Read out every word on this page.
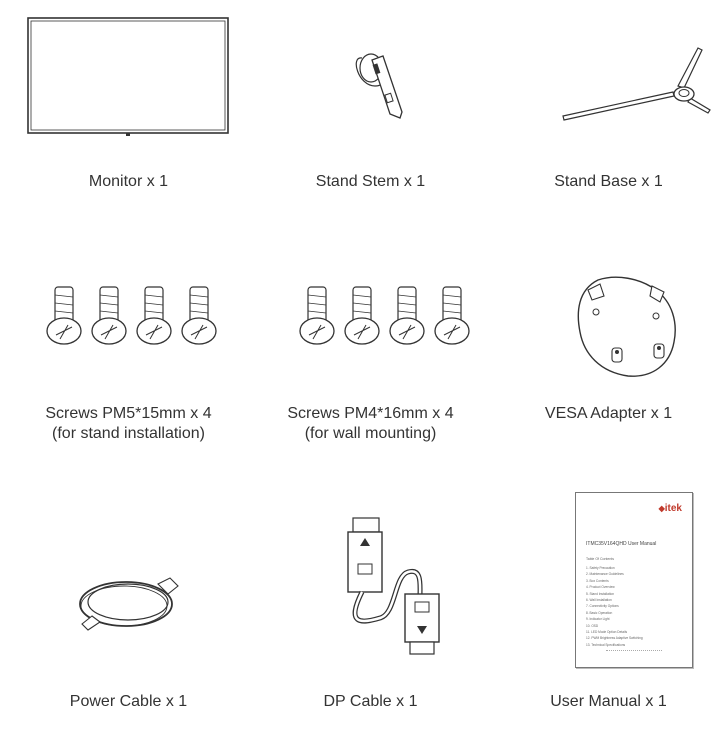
Monitor x 1	Stand Stem x 1	Stand Base x 1
Screws PM5*15mm x 4
(for stand installation)
Screws PM4*16mm x 4
(for wall mounting)
VESA Adapter x 1
Power Cable x 1	DP Cable x 1
◆itek
ITMC35V164QHD User Manual
Table Of Contents
1. Safety Precaution
2. Maintenance Guidelines
3. Box Contents
4. Product Overview
5. Stand Installation
6. Wall Installation
7. Connectivity Options
8. Basic Operation
9. Indicator Light
10. OSD
11. LED Mode Option Details
12. PWM Brightness Adaptive Switching
13. Technical Specifications
User Manual x 1
